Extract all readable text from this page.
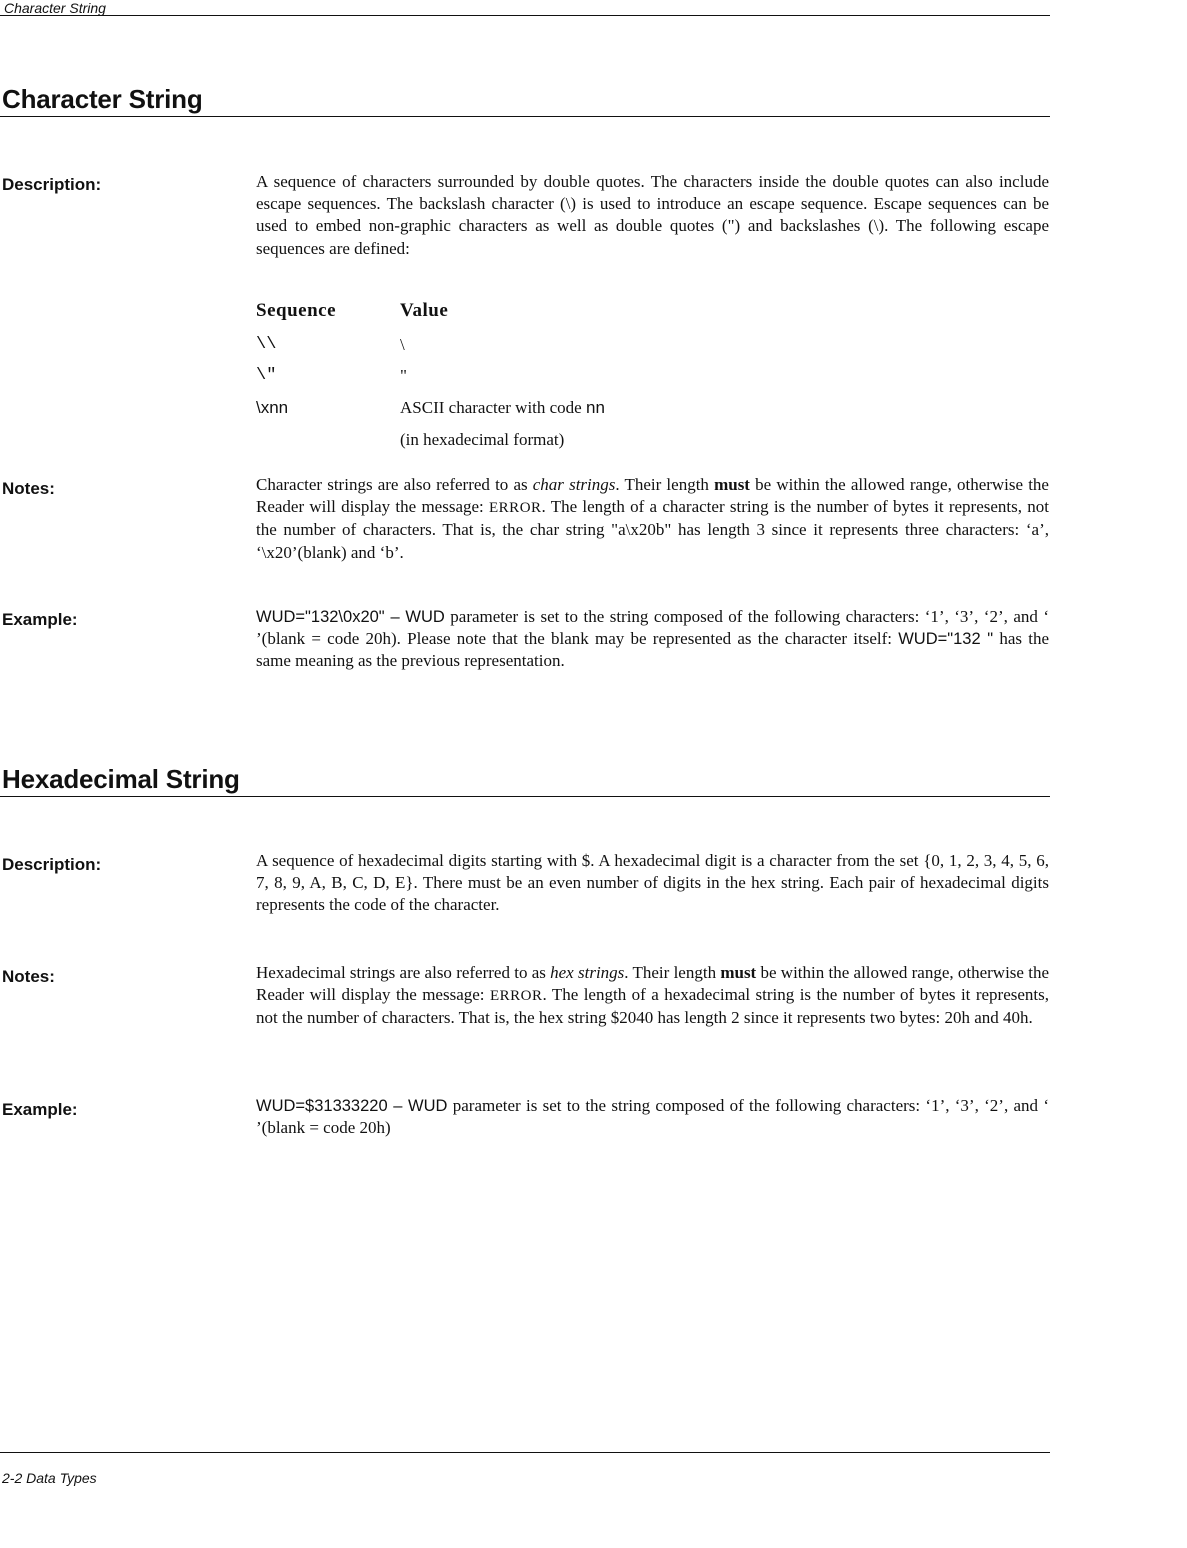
Character String
Character String
Description:	A sequence of characters surrounded by double quotes. The characters inside the double quotes can also include escape sequences. The backslash character (\) is used to introduce an escape sequence. Escape sequences can be used to embed non-graphic characters as well as double quotes (") and backslashes (\). The following escape sequences are defined:
Sequence	Value
\\	\
\"	"
\xnn	ASCII character with code nn
(in hexadecimal format)
Notes:	Character strings are also referred to as char strings. Their length must be within the allowed range, otherwise the Reader will display the message: ERROR. The length of a character string is the number of bytes it represents, not the number of characters. That is, the char string "a\x20b" has length 3 since it represents three characters: ‘a’, ‘\x20’(blank) and ‘b’.
Example:	WUD="132\0x20" – WUD parameter is set to the string composed of the following characters: ‘1’, ‘3’, ‘2’, and ‘ ’(blank = code 20h). Please note that the blank may be represented as the character itself: WUD="132 " has the same meaning as the previous representation.
Hexadecimal String
Description:	A sequence of hexadecimal digits starting with $. A hexadecimal digit is a character from the set {0, 1, 2, 3, 4, 5, 6, 7, 8, 9, A, B, C, D, E}. There must be an even number of digits in the hex string. Each pair of hexadecimal digits represents the code of the character.
Notes:	Hexadecimal strings are also referred to as hex strings. Their length must be within the allowed range, otherwise the Reader will display the message: ERROR. The length of a hexadecimal string is the number of bytes it represents, not the number of characters. That is, the hex string $2040 has length 2 since it represents two bytes: 20h and 40h.
Example:	WUD=$31333220 – WUD parameter is set to the string composed of the following characters: ‘1’, ‘3’, ‘2’, and ‘ ’(blank = code 20h)
2-2 Data Types
